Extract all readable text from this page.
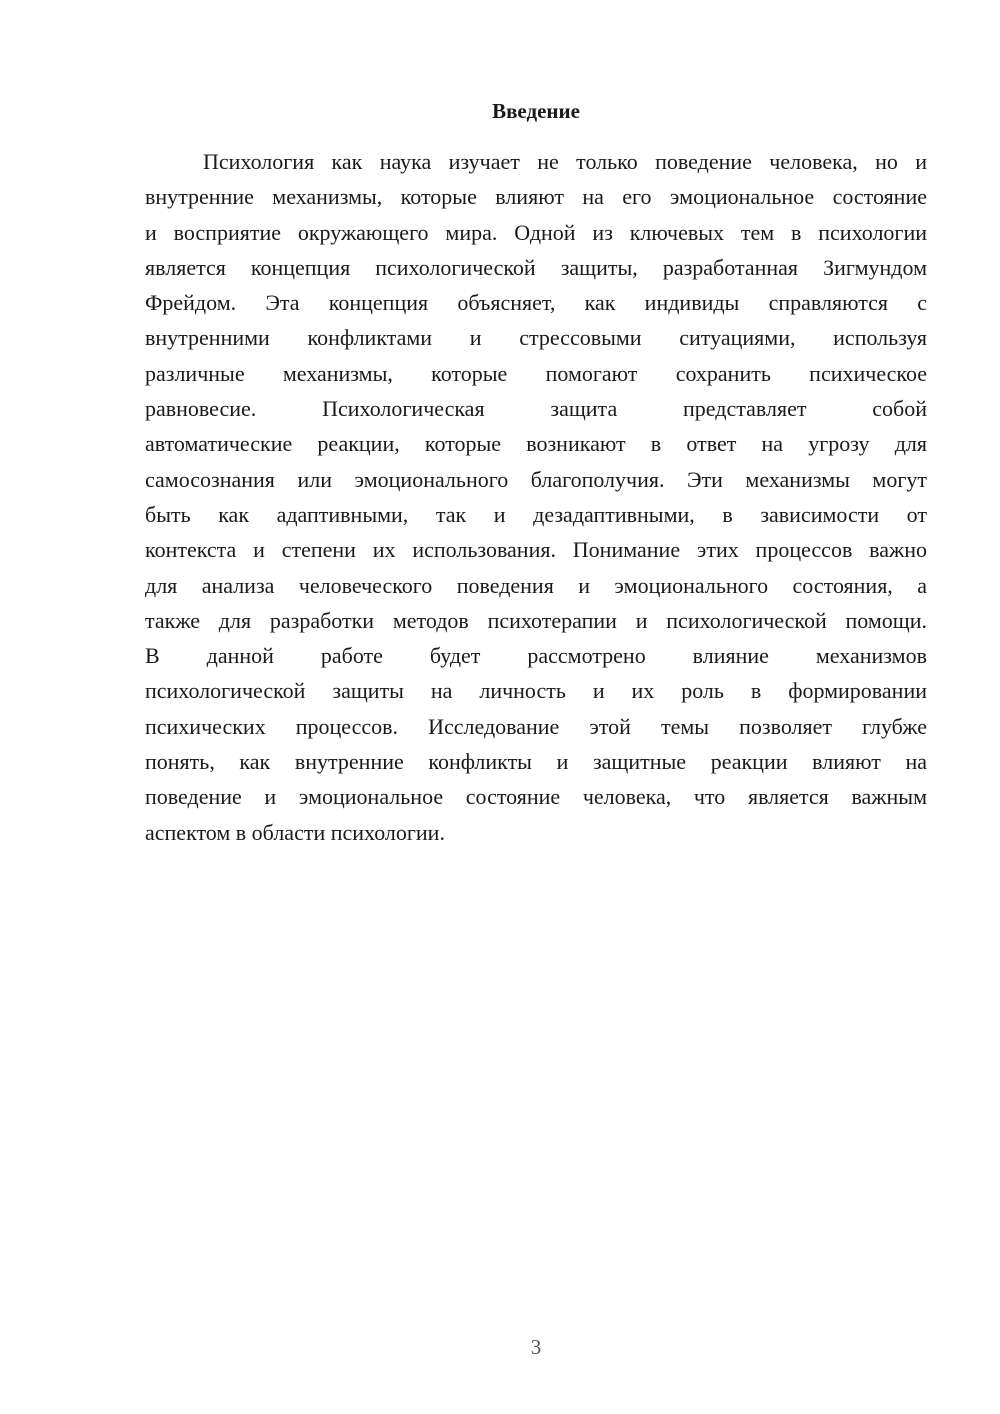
Введение
Психология как наука изучает не только поведение человека, но и
внутренние механизмы, которые влияют на его эмоциональное состояние
и восприятие окружающего мира. Одной из ключевых тем в психологии
является концепция психологической защиты, разработанная Зигмундом
Фрейдом. Эта концепция объясняет, как индивиды справляются с
внутренними конфликтами и стрессовыми ситуациями, используя
различные механизмы, которые помогают сохранить психическое
равновесие. Психологическая защита представляет собой
автоматические реакции, которые возникают в ответ на угрозу для
самосознания или эмоционального благополучия. Эти механизмы могут
быть как адаптивными, так и дезадаптивными, в зависимости от
контекста и степени их использования. Понимание этих процессов важно
для анализа человеческого поведения и эмоционального состояния, а
также для разработки методов психотерапии и психологической помощи.
В данной работе будет рассмотрено влияние механизмов
психологической защиты на личность и их роль в формировании
психических процессов. Исследование этой темы позволяет глубже
понять, как внутренние конфликты и защитные реакции влияют на
поведение и эмоциональное состояние человека, что является важным
аспектом в области психологии.
3
